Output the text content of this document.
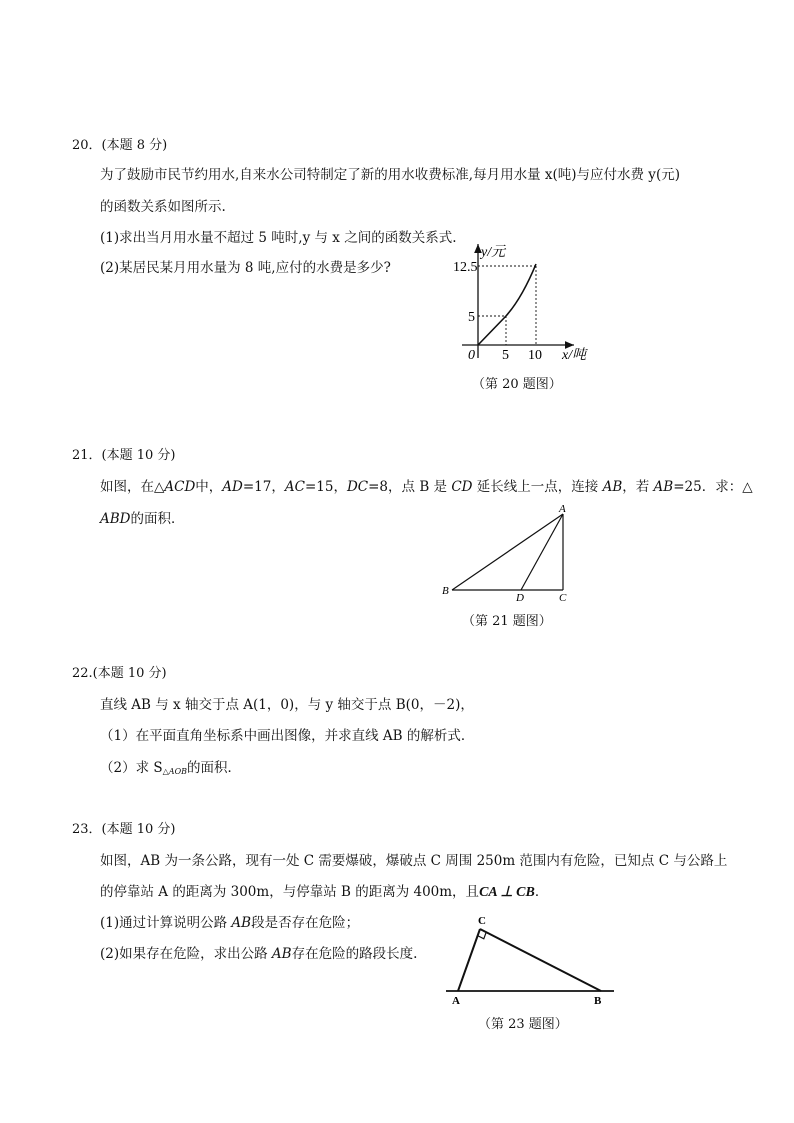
20．(本题 8 分)
为了鼓励市民节约用水,自来水公司特制定了新的用水收费标准,每月用水量 x(吨)与应付水费 y(元)
的函数关系如图所示.
(1)求出当月用水量不超过 5 吨时,y 与 x 之间的函数关系式.
(2)某居民某月用水量为 8 吨,应付的水费是多少?
y/元
x/吨
0
12.5
5
5 10
（第 20 题图）
21．(本题 10 分)
如图，在△ACD中，AD=17，AC=15，DC=8，点 B 是 CD 延长线上一点，连接 AB，若 AB=25．求：△
ABD的面积．
A
B
C
D
（第 21 题图）
22.(本题 10 分)
直线 AB 与 x 轴交于点 A(1，0)，与 y 轴交于点 B(0，－2)，
（1）在平面直角坐标系中画出图像，并求直线 AB 的解析式．
（2）求 $S_{\triangle AOB}$的面积．
23．(本题 10 分)
如图，AB 为一条公路，现有一处 C 需要爆破，爆破点 C 周围 250m 范围内有危险，已知点 C 与公路上
的停靠站 A 的距离为 300m，与停靠站 B 的距离为 400m，且CA ⊥ CB．
(1)通过计算说明公路 AB段是否存在危险；
(2)如果存在危险，求出公路 AB存在危险的路段长度.
C
A	B
（第 23 题图）
